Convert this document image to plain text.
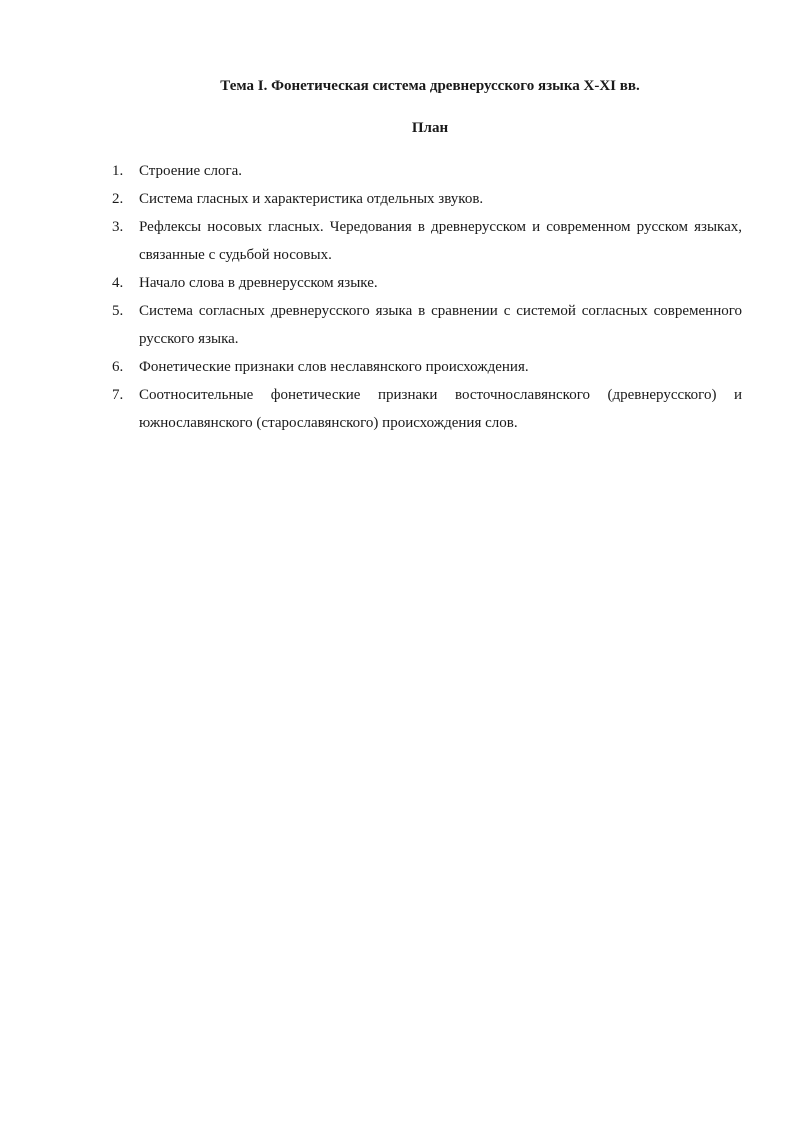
Тема I. Фонетическая система древнерусского языка X-XI вв.
План
1.	Строение слога.
2.	Система гласных и характеристика отдельных звуков.
3.	Рефлексы носовых гласных. Чередования в древнерусском и современном русском языках, связанные с судьбой носовых.
4.	Начало слова в древнерусском языке.
5.	Система согласных древнерусского языка в сравнении с системой согласных современного русского языка.
6.	Фонетические признаки слов неславянского происхождения.
7.	Соотносительные фонетические признаки восточнославянского (древнерусского) и южнославянского (старославянского) происхождения слов.
